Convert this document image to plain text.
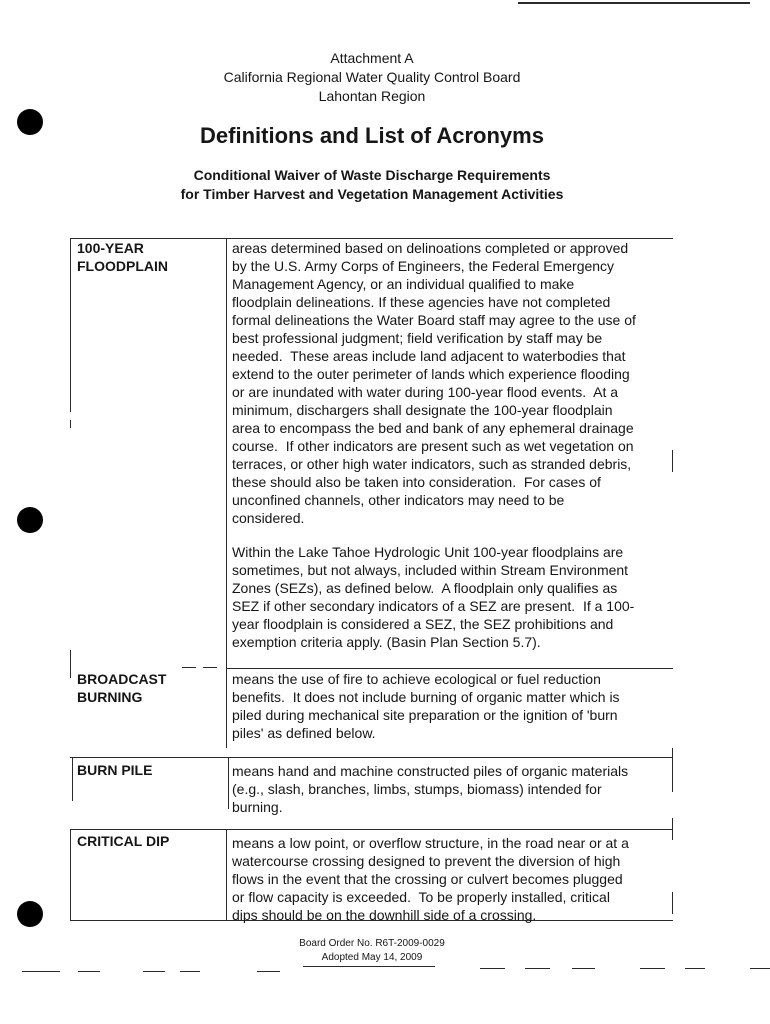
Attachment A
California Regional Water Quality Control Board
Lahontan Region
Definitions and List of Acronyms
Conditional Waiver of Waste Discharge Requirements
for Timber Harvest and Vegetation Management Activities
100-YEAR
FLOODPLAIN
areas determined based on delinoations completed or approved
by the U.S. Army Corps of Engineers, the Federal Emergency
Management Agency, or an individual qualified to make
floodplain delineations. If these agencies have not completed
formal delineations the Water Board staff may agree to the use of
best professional judgment; field verification by staff may be
needed.  These areas include land adjacent to waterbodies that
extend to the outer perimeter of lands which experience flooding
or are inundated with water during 100-year flood events.  At a
minimum, dischargers shall designate the 100-year floodplain
area to encompass the bed and bank of any ephemeral drainage
course.  If other indicators are present such as wet vegetation on
terraces, or other high water indicators, such as stranded debris,
these should also be taken into consideration.  For cases of
unconfined channels, other indicators may need to be
considered.
Within the Lake Tahoe Hydrologic Unit 100-year floodplains are
sometimes, but not always, included within Stream Environment
Zones (SEZs), as defined below.  A floodplain only qualifies as
SEZ if other secondary indicators of a SEZ are present.  If a 100-
year floodplain is considered a SEZ, the SEZ prohibitions and
exemption criteria apply. (Basin Plan Section 5.7).
BROADCAST
BURNING
means the use of fire to achieve ecological or fuel reduction
benefits.  It does not include burning of organic matter which is
piled during mechanical site preparation or the ignition of 'burn
piles' as defined below.
BURN PILE	means hand and machine constructed piles of organic materials
(e.g., slash, branches, limbs, stumps, biomass) intended for
burning.
CRITICAL DIP	means a low point, or overflow structure, in the road near or at a
watercourse crossing designed to prevent the diversion of high
flows in the event that the crossing or culvert becomes plugged
or flow capacity is exceeded.  To be properly installed, critical
dips should be on the downhill side of a crossing.
Board Order No. R6T-2009-0029
Adopted May 14, 2009
